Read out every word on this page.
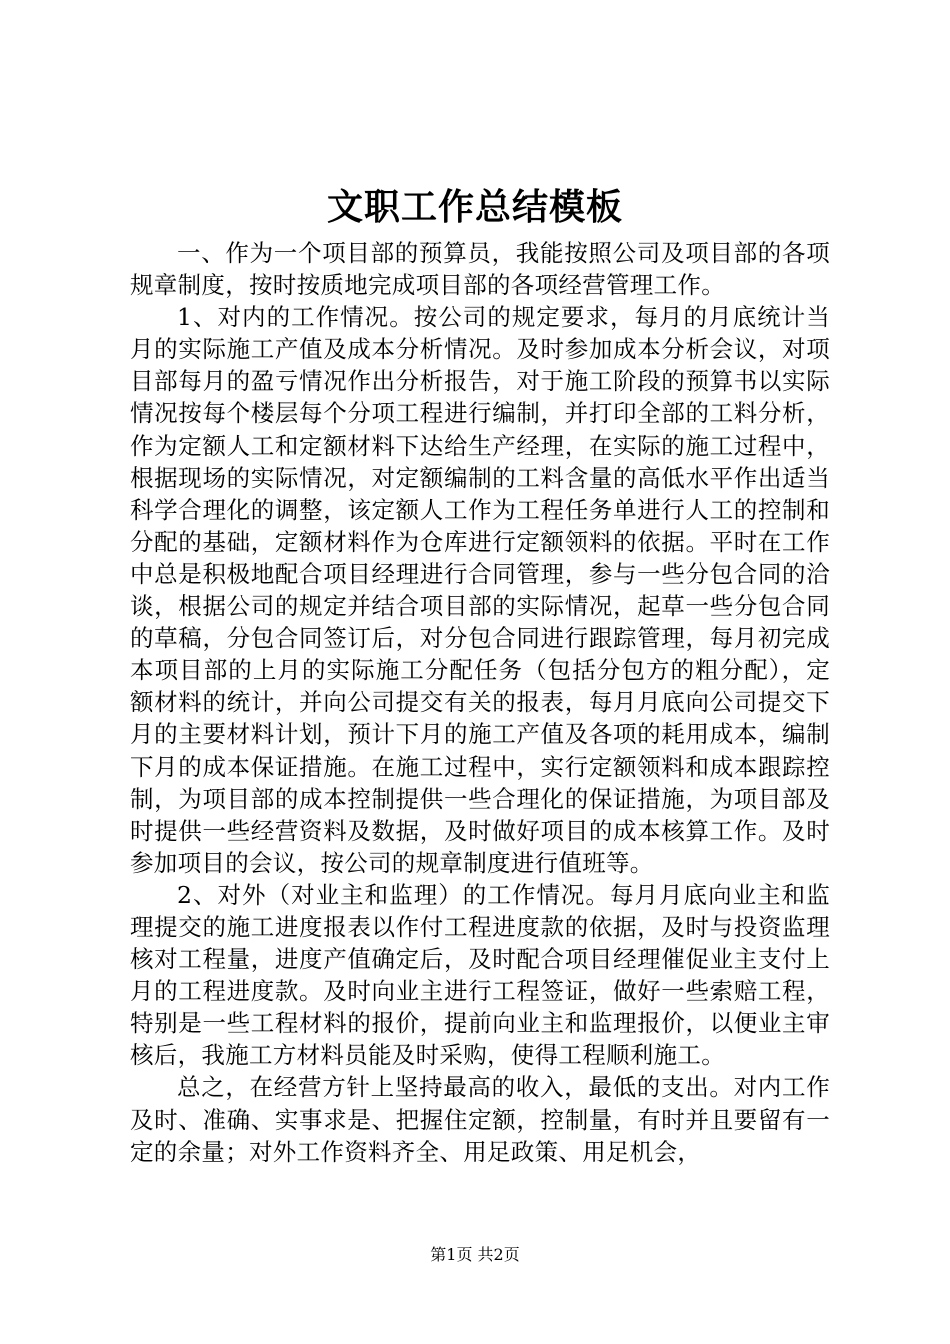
文职工作总结模板

一、作为一个项目部的预算员，我能按照公司及项目部的各项规章制度，按时按质地完成项目部的各项经营管理工作。

1、对内的工作情况。按公司的规定要求，每月的月底统计当月的实际施工产值及成本分析情况。及时参加成本分析会议，对项目部每月的盈亏情况作出分析报告，对于施工阶段的预算书以实际情况按每个楼层每个分项工程进行编制，并打印全部的工料分析，作为定额人工和定额材料下达给生产经理，在实际的施工过程中，根据现场的实际情况，对定额编制的工料含量的高低水平作出适当科学合理化的调整，该定额人工作为工程任务单进行人工的控制和分配的基础，定额材料作为仓库进行定额领料的依据。平时在工作中总是积极地配合项目经理进行合同管理，参与一些分包合同的洽谈，根据公司的规定并结合项目部的实际情况，起草一些分包合同的草稿，分包合同签订后，对分包合同进行跟踪管理，每月初完成本项目部的上月的实际施工分配任务（包括分包方的粗分配），定额材料的统计，并向公司提交有关的报表，每月月底向公司提交下月的主要材料计划，预计下月的施工产值及各项的耗用成本，编制下月的成本保证措施。在施工过程中，实行定额领料和成本跟踪控制，为项目部的成本控制提供一些合理化的保证措施，为项目部及时提供一些经营资料及数据，及时做好项目的成本核算工作。及时参加项目的会议，按公司的规章制度进行值班等。

2、对外（对业主和监理）的工作情况。每月月底向业主和监理提交的施工进度报表以作付工程进度款的依据，及时与投资监理核对工程量，进度产值确定后，及时配合项目经理催促业主支付上月的工程进度款。及时向业主进行工程签证，做好一些索赔工程，特别是一些工程材料的报价，提前向业主和监理报价，以便业主审核后，我施工方材料员能及时采购，使得工程顺利施工。

总之，在经营方针上坚持最高的收入，最低的支出。对内工作及时、准确、实事求是、把握住定额，控制量，有时并且要留有一定的余量；对外工作资料齐全、用足政策、用足机会，

第1页 共2页
